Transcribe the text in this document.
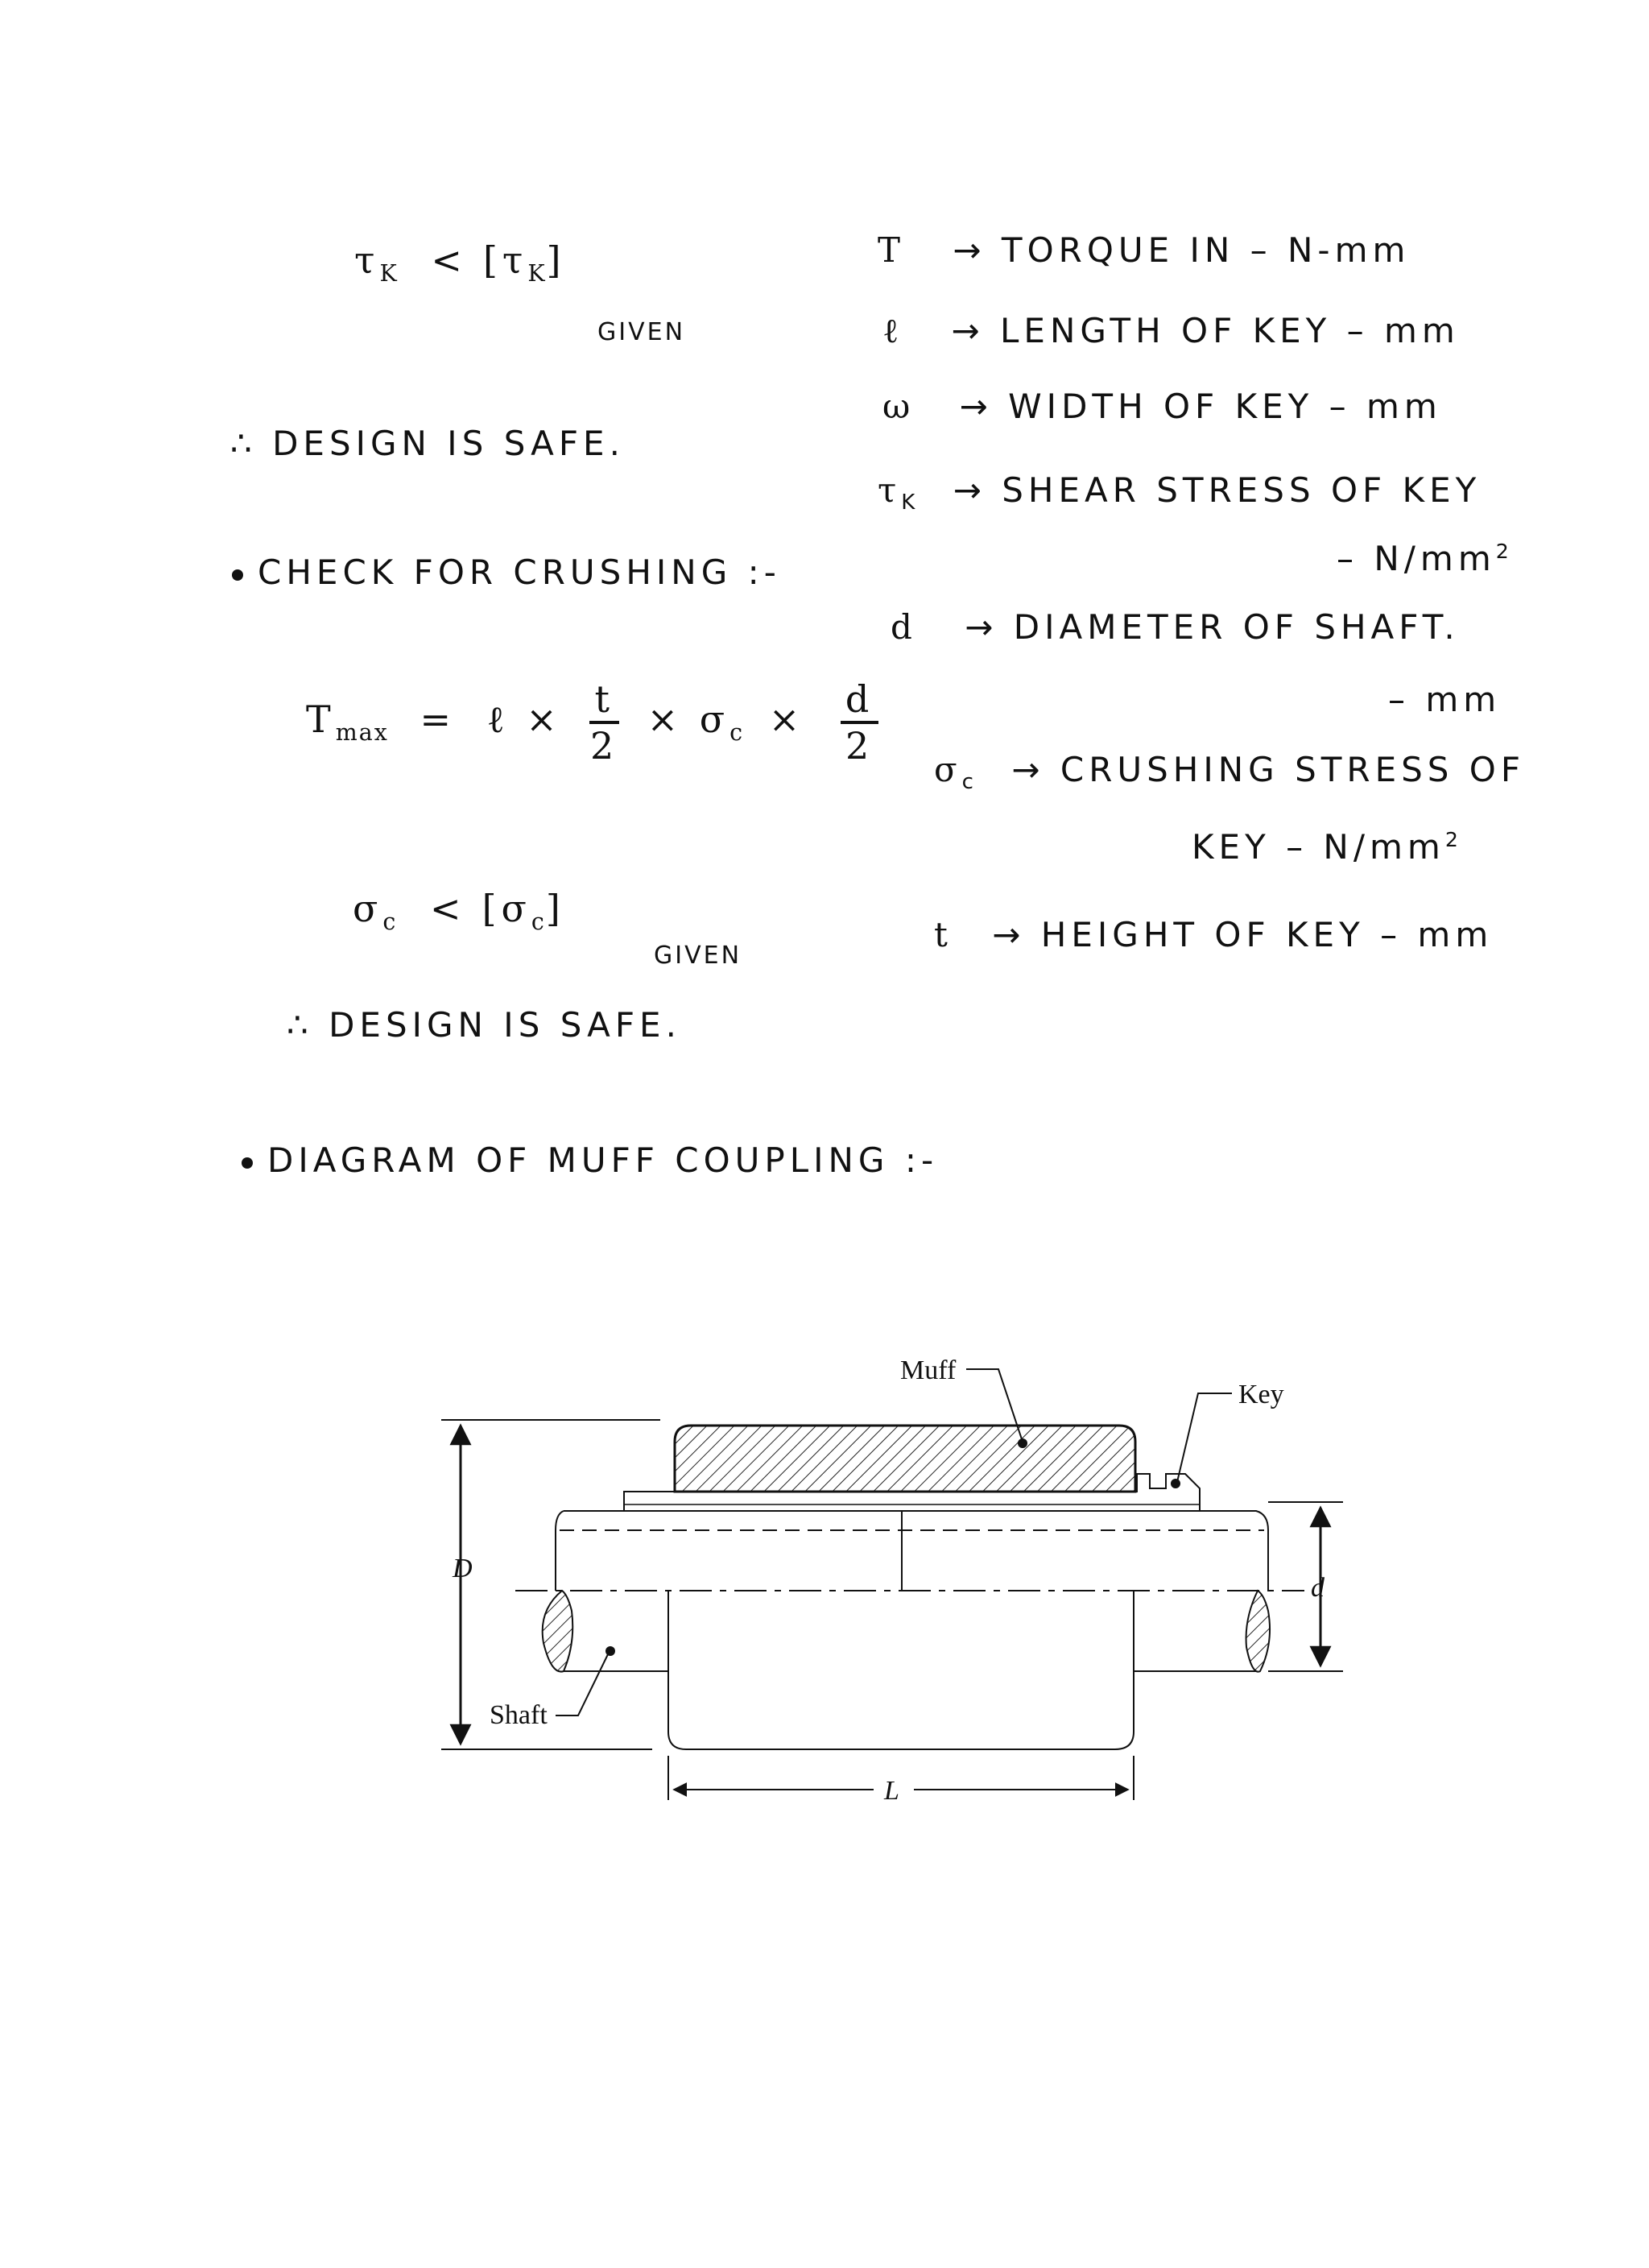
$\tau_K < [\tau_K]$
GIVEN
∴ DESIGN IS SAFE.
CHECK FOR CRUSHING :-
$T_{max}$ = ℓ × $\frac{t}{2} \times \sigma_c \times \frac{d}{2}$
$\sigma_c < [\sigma_c]$
GIVEN
∴ DESIGN IS SAFE.
DIAGRAM OF MUFF COUPLING :-
T → TORQUE IN – N-mm
ℓ → LENGTH OF KEY – mm
ω → WIDTH OF KEY – mm
$\tau_K$ → SHEAR STRESS OF KEY
– $N/mm^2$
d → DIAMETER OF SHAFT.
– mm
$\sigma_c$ → CRUSHING STRESS OF
KEY – $N/mm^2$
t → HEIGHT OF KEY – mm
D
d
L
Muff
Key
Shaft
